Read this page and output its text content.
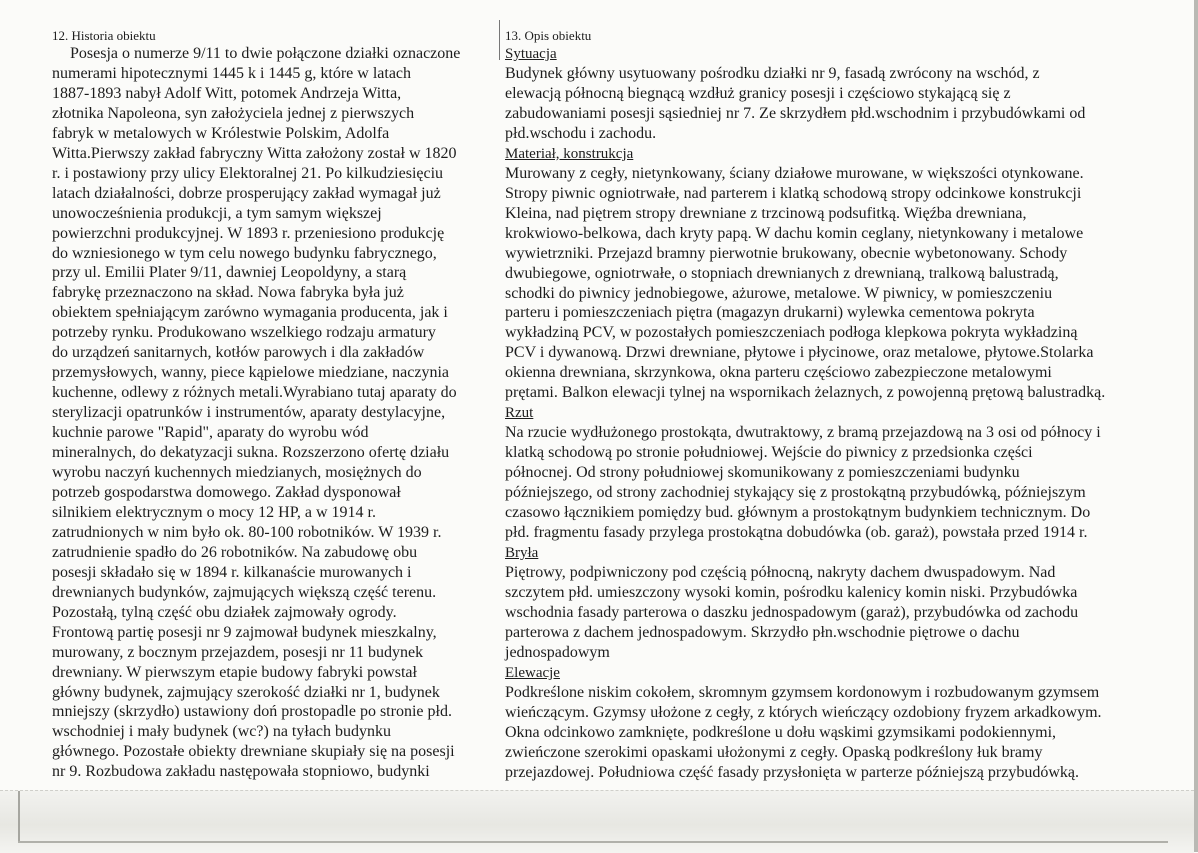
12. Historia obiektu
Posesja o numerze 9/11 to dwie połączone działki oznaczone
numerami hipotecznymi 1445 k i 1445 g, które w latach
1887-1893 nabył Adolf Witt, potomek Andrzeja Witta,
złotnika Napoleona, syn założyciela jednej z pierwszych
fabryk w metalowych w Królestwie Polskim, Adolfa
Witta.Pierwszy zakład fabryczny Witta założony został w 1820
r. i postawiony przy ulicy Elektoralnej 21. Po kilkudziesięciu
latach działalności, dobrze prosperujący zakład wymagał już
unowocześnienia produkcji, a tym samym większej
powierzchni produkcyjnej. W 1893 r. przeniesiono produkcję
do wzniesionego w tym celu nowego budynku fabrycznego,
przy ul. Emilii Plater 9/11, dawniej Leopoldyny, a starą
fabrykę przeznaczono na skład. Nowa fabryka była już
obiektem spełniającym zarówno wymagania producenta, jak i
potrzeby rynku. Produkowano wszelkiego rodzaju armatury
do urządzeń sanitarnych, kotłów parowych i dla zakładów
przemysłowych, wanny, piece kąpielowe miedziane, naczynia
kuchenne, odlewy z różnych metali.Wyrabiano tutaj aparaty do
sterylizacji opatrunków i instrumentów, aparaty destylacyjne,
kuchnie parowe "Rapid", aparaty do wyrobu wód
mineralnych, do dekatyzacji sukna. Rozszerzono ofertę działu
wyrobu naczyń kuchennych miedzianych, mosiężnych do
potrzeb gospodarstwa domowego. Zakład dysponował
silnikiem elektrycznym o mocy 12 HP, a w 1914 r.
zatrudnionych w nim było ok. 80-100 robotników. W 1939 r.
zatrudnienie spadło do 26 robotników. Na zabudowę obu
posesji składało się w 1894 r. kilkanaście murowanych i
drewnianych budynków, zajmujących większą część terenu.
Pozostałą, tylną część obu działek zajmowały ogrody.
Frontową partię posesji nr 9 zajmował budynek mieszkalny,
murowany, z bocznym przejazdem, posesji nr 11 budynek
drewniany. W pierwszym etapie budowy fabryki powstał
główny budynek, zajmujący szerokość działki nr 1, budynek
mniejszy (skrzydło) ustawiony doń prostopadle po stronie płd.
wschodniej i mały budynek (wc?) na tyłach budynku
głównego. Pozostałe obiekty drewniane skupiały się na posesji
nr 9. Rozbudowa zakładu następowała stopniowo, budynki
13. Opis obiektu
Sytuacja
Budynek główny usytuowany pośrodku działki nr 9, fasadą zwrócony na wschód, z
elewacją północną biegnącą wzdłuż granicy posesji i częściowo stykającą się z
zabudowaniami posesji sąsiedniej nr 7. Ze skrzydłem płd.wschodnim i przybudówkami od
płd.wschodu i zachodu.
Materiał, konstrukcja
Murowany z cegły, nietynkowany, ściany działowe murowane, w większości otynkowane.
Stropy piwnic ogniotrwałe, nad parterem i klatką schodową stropy odcinkowe konstrukcji
Kleina, nad piętrem stropy drewniane z trzcinową podsufitką. Więźba drewniana,
krokwiowo-belkowa, dach kryty papą. W dachu komin ceglany, nietynkowany i metalowe
wywietrzniki. Przejazd bramny pierwotnie brukowany, obecnie wybetonowany. Schody
dwubiegowe, ogniotrwałe, o stopniach drewnianych z drewnianą, tralkową balustradą,
schodki do piwnicy jednobiegowe, ażurowe, metalowe. W piwnicy, w pomieszczeniu
parteru i pomieszczeniach piętra (magazyn drukarni) wylewka cementowa pokryta
wykładziną PCV, w pozostałych pomieszczeniach podłoga klepkowa pokryta wykładziną
PCV i dywanową. Drzwi drewniane, płytowe i płycinowe, oraz metalowe, płytowe.Stolarka
okienna drewniana, skrzynkowa, okna parteru częściowo zabezpieczone metalowymi
prętami. Balkon elewacji tylnej na wspornikach żelaznych, z powojenną prętową balustradką.
Rzut
Na rzucie wydłużonego prostokąta, dwutraktowy, z bramą przejazdową na 3 osi od północy i
klatką schodową po stronie południowej. Wejście do piwnicy z przedsionka części
północnej. Od strony południowej skomunikowany z pomieszczeniami budynku
późniejszego, od strony zachodniej stykający się z prostokątną przybudówką, późniejszym
czasowo łącznikiem pomiędzy bud. głównym a prostokątnym budynkiem technicznym. Do
płd. fragmentu fasady przylega prostokątna dobudówka (ob. garaż), powstała przed 1914 r.
Bryła
Piętrowy, podpiwniczony pod częścią północną, nakryty dachem dwuspadowym. Nad
szczytem płd. umieszczony wysoki komin, pośrodku kalenicy komin niski. Przybudówka
wschodnia fasady parterowa o daszku jednospadowym (garaż), przybudówka od zachodu
parterowa z dachem jednospadowym. Skrzydło płn.wschodnie piętrowe o dachu
jednospadowym
Elewacje
Podkreślone niskim cokołem, skromnym gzymsem kordonowym i rozbudowanym gzymsem
wieńczącym. Gzymsy ułożone z cegły, z których wieńczący ozdobiony fryzem arkadkowym.
Okna odcinkowo zamknięte, podkreślone u dołu wąskimi gzymsikami podokiennymi,
zwieńczone szerokimi opaskami ułożonymi z cegły. Opaską podkreślony łuk bramy
przejazdowej. Południowa część fasady przysłonięta w parterze późniejszą przybudówką.
